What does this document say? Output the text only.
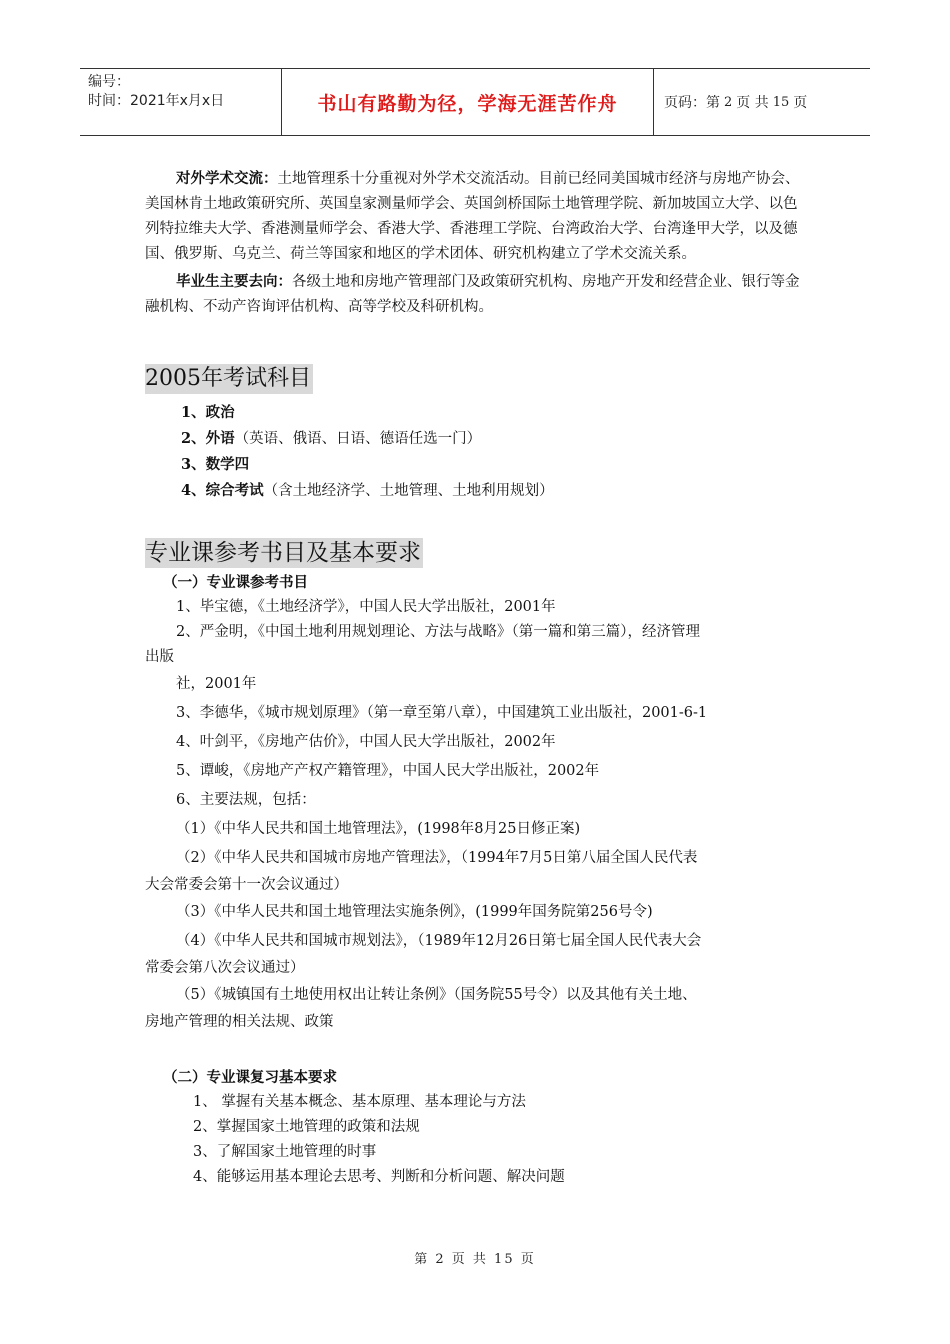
编号：
时间：2021年x月x日	书山有路勤为径，学海无涯苦作舟	页码：第 2 页 共 15 页

对外学术交流：土地管理系十分重视对外学术交流活动。目前已经同美国城市经济与房地产协会、美国林肯土地政策研究所、英国皇家测量师学会、英国剑桥国际土地管理学院、新加坡国立大学、以色列特拉维夫大学、香港测量师学会、香港大学、香港理工学院、台湾政治大学、台湾逢甲大学，以及德国、俄罗斯、乌克兰、荷兰等国家和地区的学术团体、研究机构建立了学术交流关系。

毕业生主要去向：各级土地和房地产管理部门及政策研究机构、房地产开发和经营企业、银行等金融机构、不动产咨询评估机构、高等学校及科研机构。

2005年考试科目

1、政治

2、外语（英语、俄语、日语、德语任选一门）

3、数学四

4、综合考试（含土地经济学、土地管理、土地利用规划）

专业课参考书目及基本要求

（一）专业课参考书目

1、毕宝德，《土地经济学》，中国人民大学出版社，2001年

2、严金明，《中国土地利用规划理论、方法与战略》（第一篇和第三篇），经济管理

出版

社，2001年

3、李德华，《城市规划原理》（第一章至第八章），中国建筑工业出版社，2001-6-1

4、叶剑平，《房地产估价》，中国人民大学出版社，2002年

5、谭峻，《房地产产权产籍管理》，中国人民大学出版社，2002年

6、主要法规，包括：

（1）《中华人民共和国土地管理法》，(1998年8月25日修正案)

（2）《中华人民共和国城市房地产管理法》，（1994年7月5日第八届全国人民代表

大会常委会第十一次会议通过）

（3）《中华人民共和国土地管理法实施条例》，(1999年国务院第256号令)

（4）《中华人民共和国城市规划法》，（1989年12月26日第七届全国人民代表大会

常委会第八次会议通过）

（5）《城镇国有土地使用权出让转让条例》（国务院55号令）以及其他有关土地、

房地产管理的相关法规、政策

（二）专业课复习基本要求

1、 掌握有关基本概念、基本原理、基本理论与方法

2、掌握国家土地管理的政策和法规

3、了解国家土地管理的时事

4、能够运用基本理论去思考、判断和分析问题、解决问题

第 2 页 共 15 页
